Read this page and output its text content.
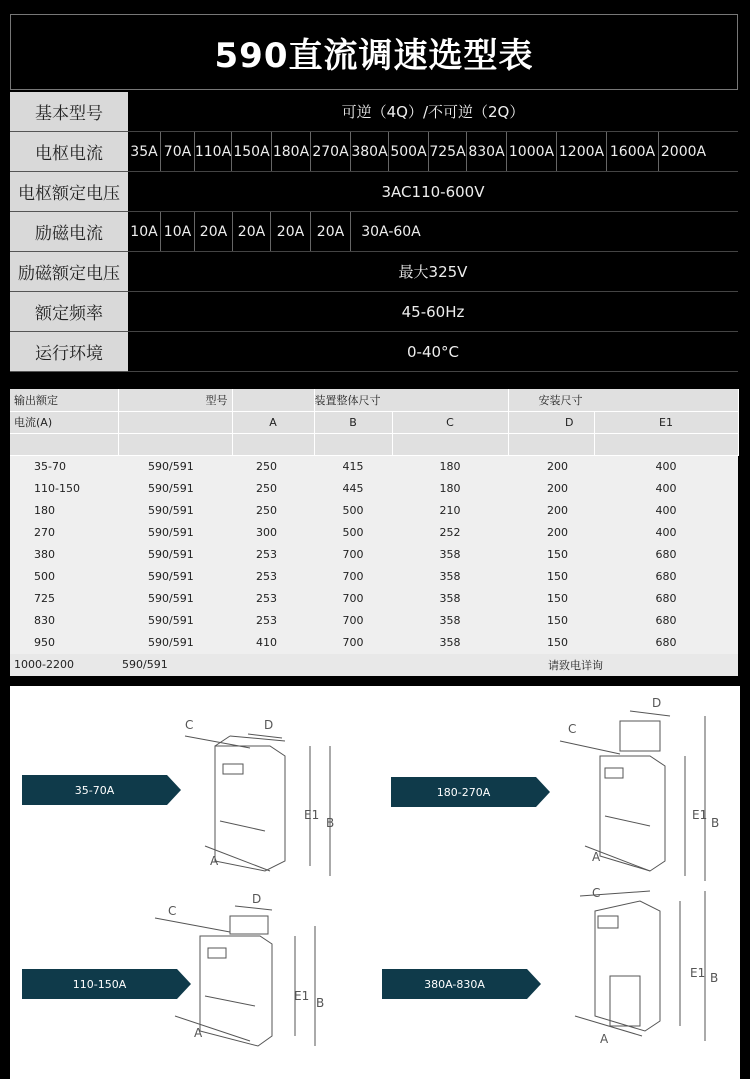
590直流调速选型表
基本型号	可逆（4Q）/不可逆（2Q）
电枢电流	35A 70A 110A 150A 180A 270A 380A 500A 725A 830A 1000A 1200A 1600A 2000A
电枢额定电压	3AC110-600V
励磁电流	10A 10A 20A 20A 20A 20A	30A-60A
励磁额定电压	最大325V
额定频率	45-60Hz
运行环境	0-40°C
输出额定	型号		装置整体尺寸		安装尺寸	
电流(A)		A	B	C	D	E1

35-70	590/591	250	415	180	200	400
110-150	590/591	250	445	180	200	400
180	590/591	250	500	210	200	400
270	590/591	300	500	252	200	400
380	590/591	253	700	358	150	680
500	590/591	253	700	358	150	680
725	590/591	253	700	358	150	680
830	590/591	253	700	358	150	680
950	590/591	410	700	358	150	680
1000-2200	590/591				请致电详询
35-70A	180-270A
110-150A	380A-830A
C	D
E1
B
A
C
D
E1
B
A
C
D
E1 B
A
C
E1 B
A
